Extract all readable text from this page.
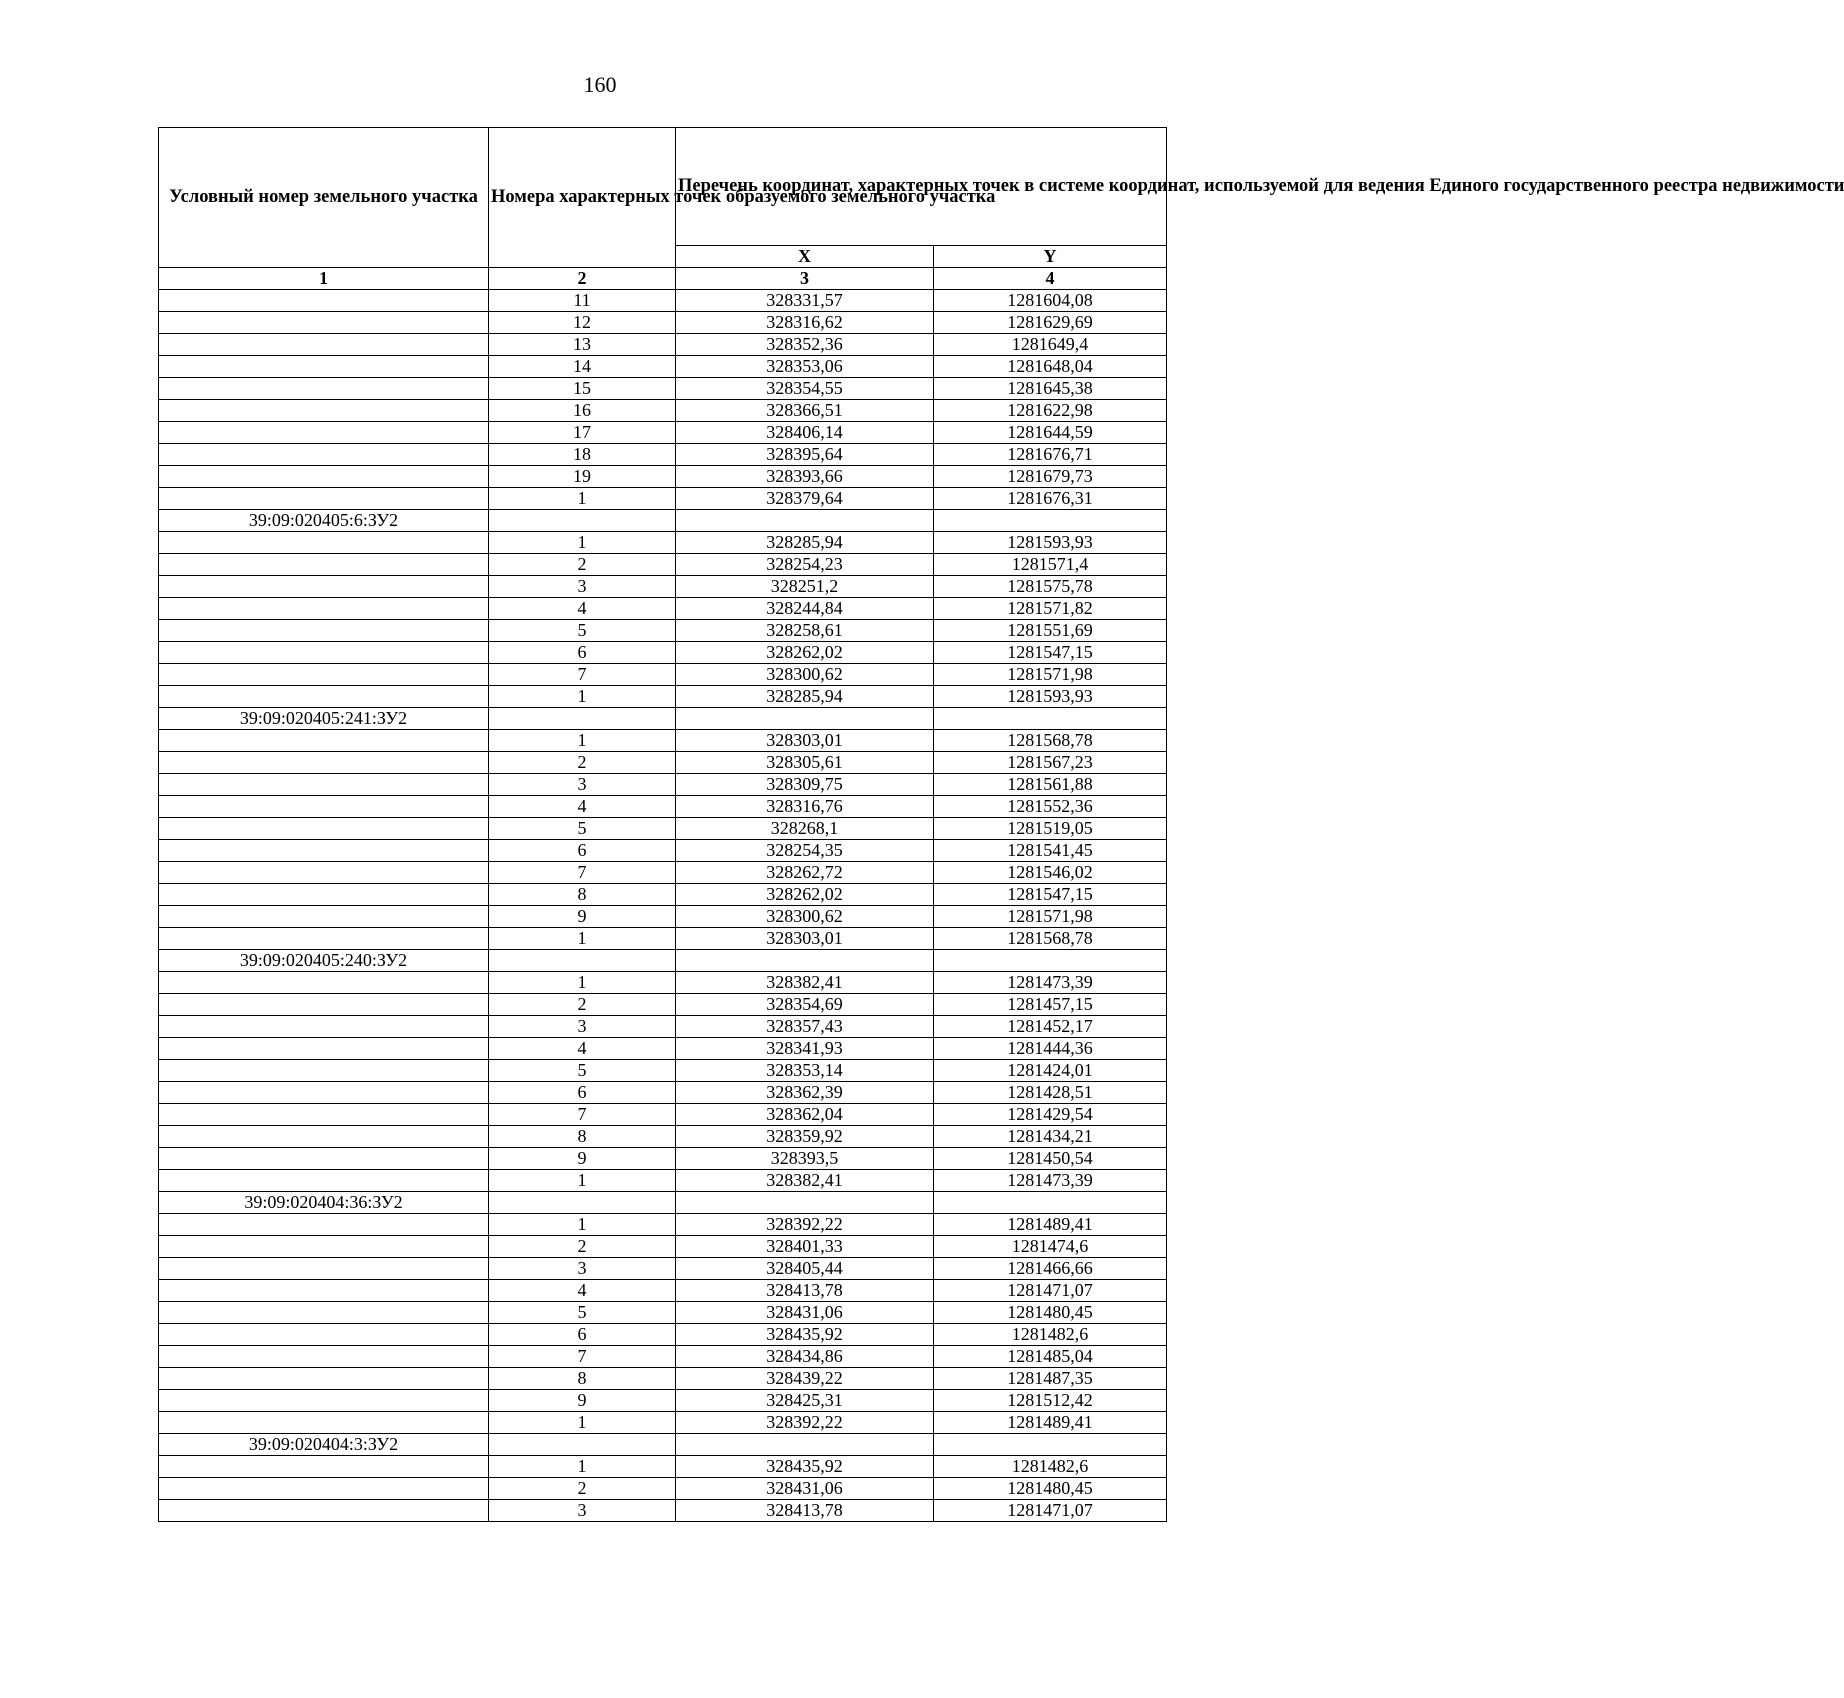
160
Условный номер земельного участка	Номера характерных точек образуемого земельного участка	Перечень координат, характерных точек в системе координат, используемой для ведения Единого государственного реестра недвижимости	
		X	Y
1	2	3	4
	11	328331,57	1281604,08
	12	328316,62	1281629,69
	13	328352,36	1281649,4
	14	328353,06	1281648,04
	15	328354,55	1281645,38
	16	328366,51	1281622,98
	17	328406,14	1281644,59
	18	328395,64	1281676,71
	19	328393,66	1281679,73
	1	328379,64	1281676,31
39:09:020405:6:ЗУ2			
	1	328285,94	1281593,93
	2	328254,23	1281571,4
	3	328251,2	1281575,78
	4	328244,84	1281571,82
	5	328258,61	1281551,69
	6	328262,02	1281547,15
	7	328300,62	1281571,98
	1	328285,94	1281593,93
39:09:020405:241:ЗУ2			
	1	328303,01	1281568,78
	2	328305,61	1281567,23
	3	328309,75	1281561,88
	4	328316,76	1281552,36
	5	328268,1	1281519,05
	6	328254,35	1281541,45
	7	328262,72	1281546,02
	8	328262,02	1281547,15
	9	328300,62	1281571,98
	1	328303,01	1281568,78
39:09:020405:240:ЗУ2			
	1	328382,41	1281473,39
	2	328354,69	1281457,15
	3	328357,43	1281452,17
	4	328341,93	1281444,36
	5	328353,14	1281424,01
	6	328362,39	1281428,51
	7	328362,04	1281429,54
	8	328359,92	1281434,21
	9	328393,5	1281450,54
	1	328382,41	1281473,39
39:09:020404:36:ЗУ2			
	1	328392,22	1281489,41
	2	328401,33	1281474,6
	3	328405,44	1281466,66
	4	328413,78	1281471,07
	5	328431,06	1281480,45
	6	328435,92	1281482,6
	7	328434,86	1281485,04
	8	328439,22	1281487,35
	9	328425,31	1281512,42
	1	328392,22	1281489,41
39:09:020404:3:ЗУ2			
	1	328435,92	1281482,6
	2	328431,06	1281480,45
	3	328413,78	1281471,07
